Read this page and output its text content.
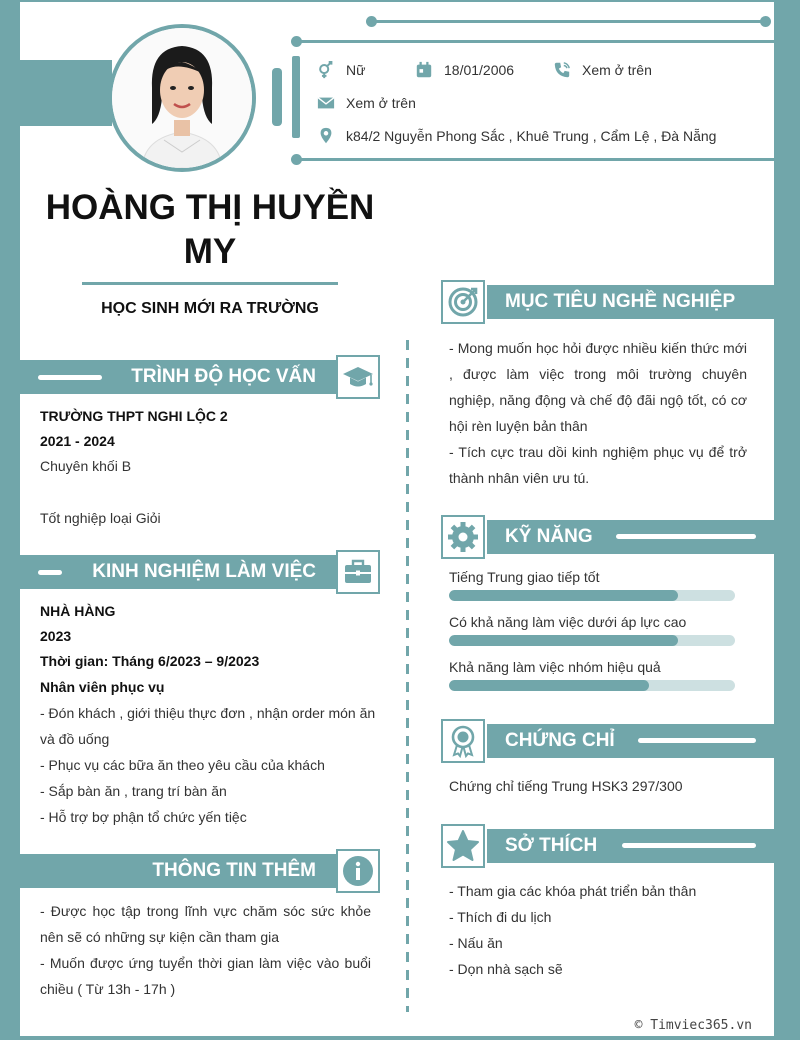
Nữ	18/01/2006	Xem ở trên
Xem ở trên
k84/2 Nguyễn Phong Sắc , Khuê Trung , Cẩm Lệ , Đà Nẵng
HOÀNG THỊ HUYỀN MY
HỌC SINH MỚI RA TRƯỜNG
TRÌNH ĐỘ HỌC VẤN
TRƯỜNG THPT NGHI LỘC 2
2021 - 2024
Chuyên khối B
Tốt nghiệp loại Giỏi
KINH NGHIỆM LÀM VIỆC
NHÀ HÀNG
2023
Thời gian: Tháng 6/2023 – 9/2023
Nhân viên phục vụ
- Đón khách , giới thiệu thực đơn , nhận order món ăn và đồ uống
- Phục vụ các bữa ăn theo yêu cầu của khách
- Sắp bàn ăn , trang trí bàn ăn
- Hỗ trợ bợ phận tổ chức yến tiệc
THÔNG TIN THÊM
- Được học tập trong lĩnh vực chăm sóc sức khỏe nên sẽ có những sự kiện cần tham gia
- Muốn được ứng tuyển thời gian làm việc vào buổi chiều ( Từ 13h - 17h )
MỤC TIÊU NGHỀ NGHIỆP
- Mong muốn học hỏi được nhiều kiến thức mới , được làm việc trong môi trường chuyên nghiệp, năng động và chế độ đãi ngộ tốt, có cơ hội rèn luyện bản thân
- Tích cực trau dồi kinh nghiệm phục vụ để trở thành nhân viên ưu tú.
KỸ NĂNG
Tiếng Trung giao tiếp tốt
Có khả năng làm việc dưới áp lực cao
Khả năng làm việc nhóm hiệu quả
CHỨNG CHỈ
Chứng chỉ tiếng Trung HSK3 297/300
SỞ THÍCH
- Tham gia các khóa phát triển bản thân
- Thích đi du lịch
- Nấu ăn
- Dọn nhà sạch sẽ
© Timviec365.vn
